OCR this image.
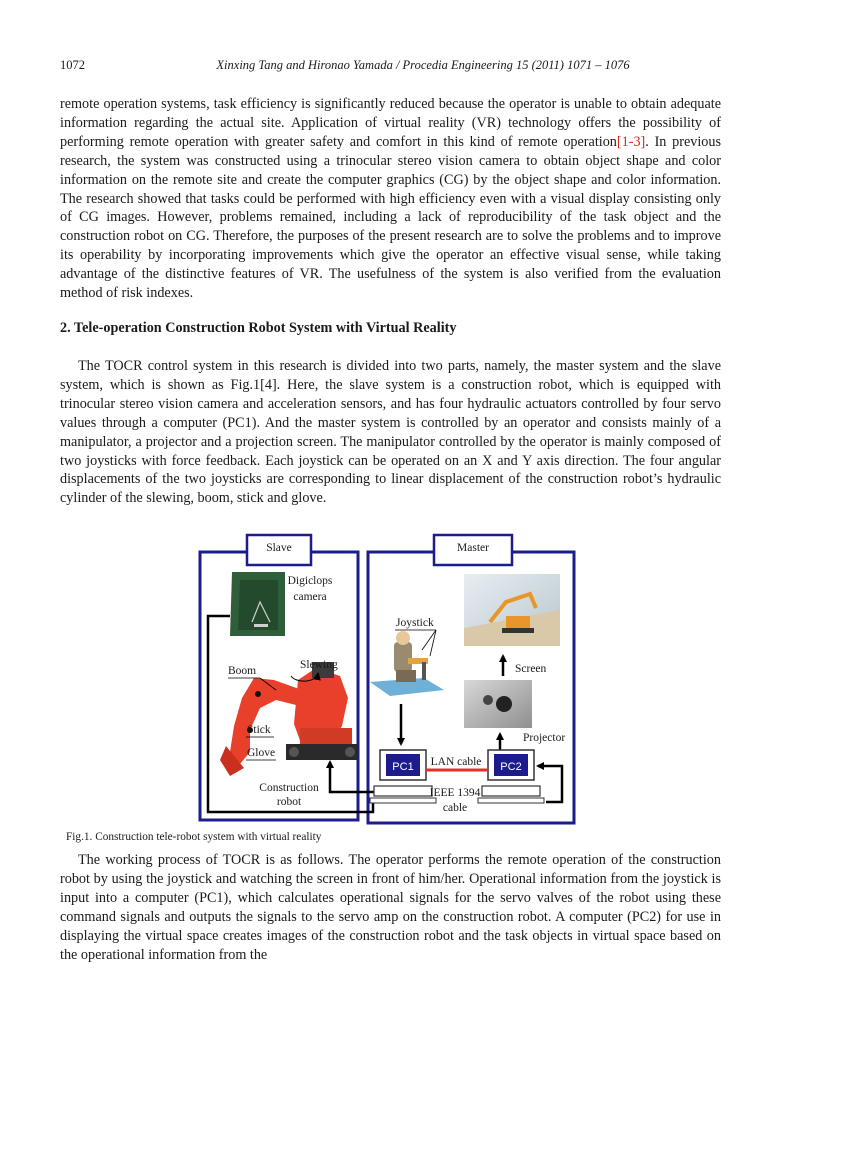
1072	Xinxing Tang and Hironao Yamada / Procedia Engineering 15 (2011) 1071 – 1076

remote operation systems, task efficiency is significantly reduced because the operator is unable to obtain adequate information regarding the actual site. Application of virtual reality (VR) technology offers the possibility of performing remote operation with greater safety and comfort in this kind of remote operation[1-3]. In previous research, the system was constructed using a trinocular stereo vision camera to obtain object shape and color information on the remote site and create the computer graphics (CG) by the object shape and color information. The research showed that tasks could be performed with high efficiency even with a visual display consisting only of CG images. However, problems remained, including a lack of reproducibility of the task object and the construction robot on CG. Therefore, the purposes of the present research are to solve the problems and to improve its operability by incorporating improvements which give the operator an effective visual sense, while taking advantage of the distinctive features of VR. The usefulness of the system is also verified from the evaluation method of risk indexes.

2. Tele-operation Construction Robot System with Virtual Reality

The TOCR control system in this research is divided into two parts, namely, the master system and the slave system, which is shown as Fig.1[4]. Here, the slave system is a construction robot, which is equipped with trinocular stereo vision camera and acceleration sensors, and has four hydraulic actuators controlled by four servo values through a computer (PC1). And the master system is controlled by an operator and consists mainly of a manipulator, a projector and a projection screen. The manipulator controlled by the operator is mainly composed of two joysticks with force feedback. Each joystick can be operated on an X and Y axis direction. The four angular displacements of the two joysticks are corresponding to linear displacement of the construction robot’s hydraulic cylinder of the slewing, boom, stick and glove.

Slave	Master
Digiclops
camera
Slewing
Boom
Stick
Glove
Construction
robot
Joystick
Screen
Projector
PC1	PC2
LAN cable
IEEE 1394
cable
Fig.1. Construction tele-robot system with virtual reality

The working process of TOCR is as follows. The operator performs the remote operation of the construction robot by using the joystick and watching the screen in front of him/her. Operational information from the joystick is input into a computer (PC1), which calculates operational signals for the servo valves of the robot using these command signals and outputs the signals to the servo amp on the construction robot. A computer (PC2) for use in displaying the virtual space creates images of the construction robot and the task objects in virtual space based on the operational information from the
